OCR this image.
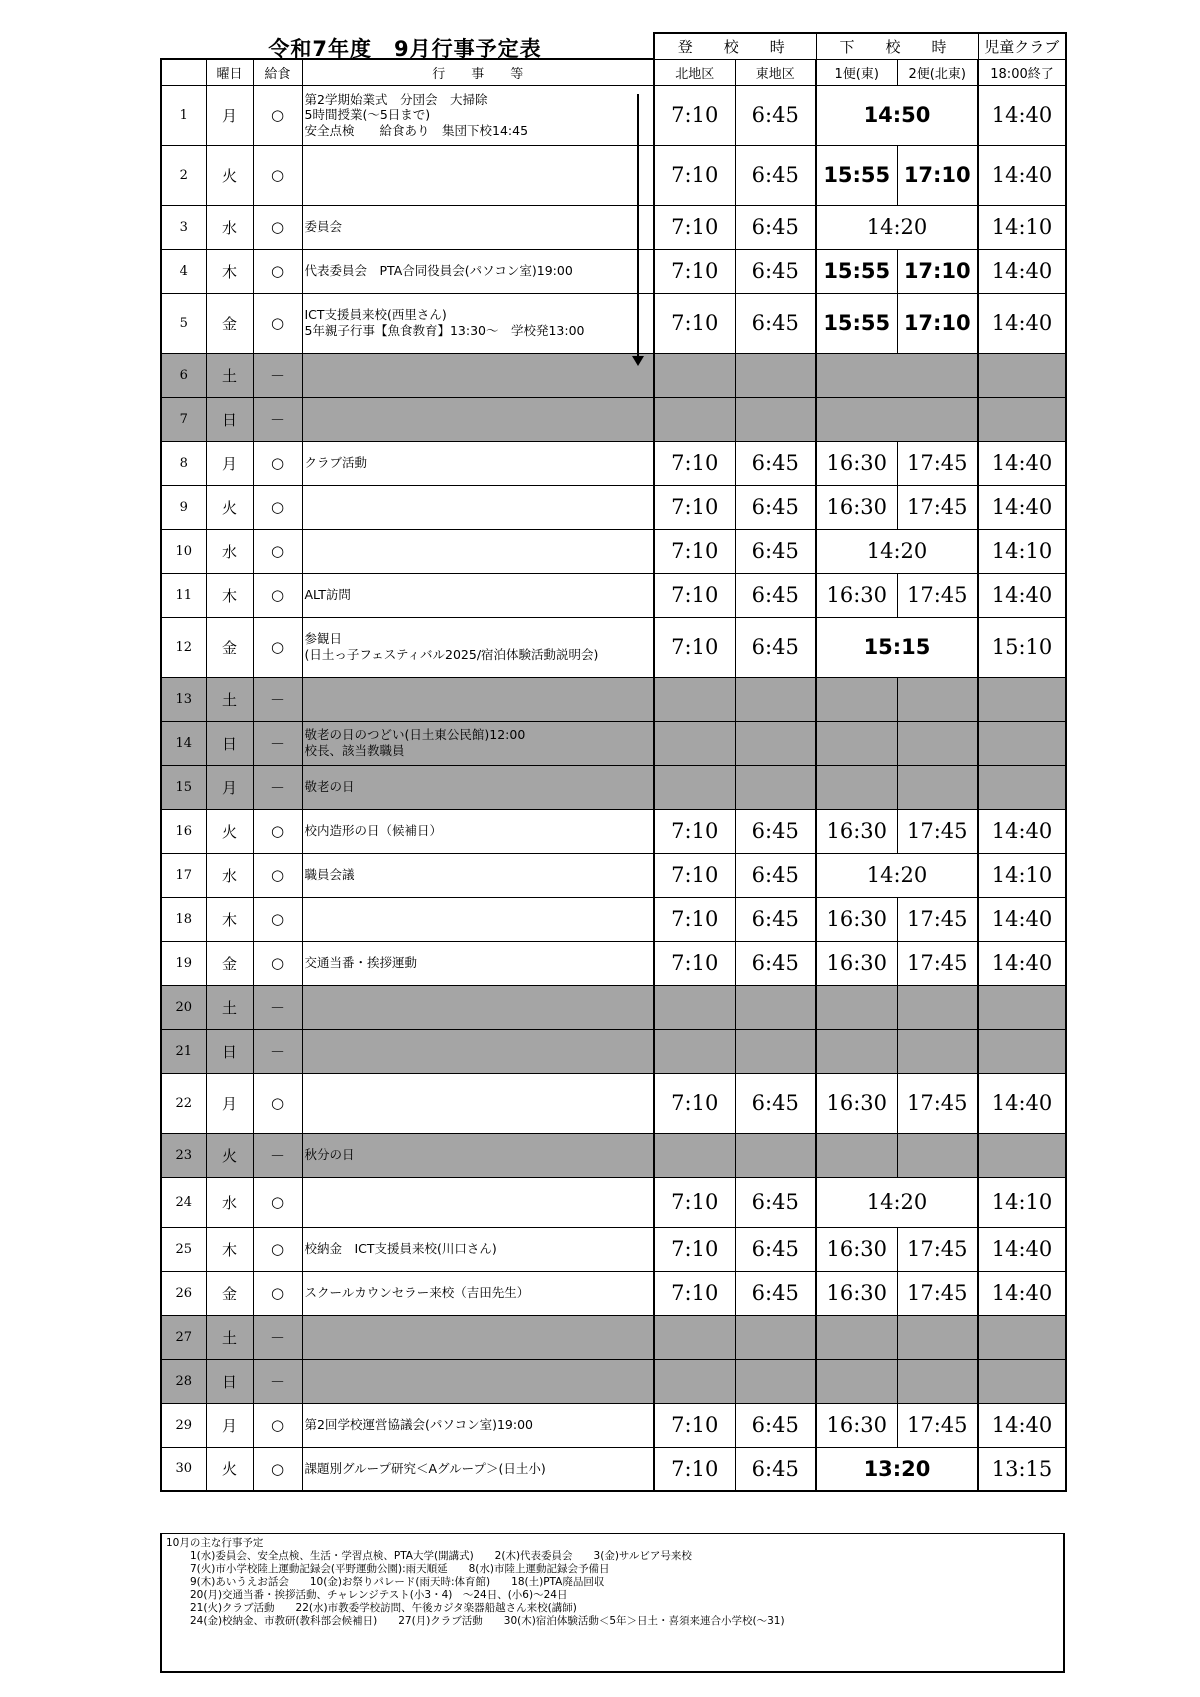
令和7年度　9月行事予定表
				登　校　時		下　校　時		児童クラブ
	曜日	給食	行　　事　　等	北地区	東地区	1便(東)	2便(北東)	18:00終了
1	月	○	第2学期始業式　分団会　大掃除
5時間授業(～5日まで)
安全点検　　給食あり　集団下校14:45	7:10	6:45	14:50		14:40
2	火	○		7:10	6:45	15:55	17:10	14:40
3	水	○	委員会	7:10	6:45	14:20		14:10
4	木	○	代表委員会　PTA合同役員会(パソコン室)19:00	7:10	6:45	15:55	17:10	14:40
5	金	○	ICT支援員来校(西里さん)
5年親子行事【魚食教育】13:30～　学校発13:00	7:10	6:45	15:55	17:10	14:40
6	土	－						
7	日	－						
8	月	○	クラブ活動	7:10	6:45	16:30	17:45	14:40
9	火	○		7:10	6:45	16:30	17:45	14:40
10	水	○		7:10	6:45	14:20		14:10
11	木	○	ALT訪問	7:10	6:45	16:30	17:45	14:40
12	金	○	参観日
(日土っ子フェスティバル2025/宿泊体験活動説明会)	7:10	6:45	15:15		15:10
13	土	－						
14	日	－	敬老の日のつどい(日土東公民館)12:00
校長、該当教職員					
15	月	－	敬老の日					
16	火	○	校内造形の日（候補日）	7:10	6:45	16:30	17:45	14:40
17	水	○	職員会議	7:10	6:45	14:20		14:10
18	木	○		7:10	6:45	16:30	17:45	14:40
19	金	○	交通当番・挨拶運動	7:10	6:45	16:30	17:45	14:40
20	土	－						
21	日	－						
22	月	○		7:10	6:45	16:30	17:45	14:40
23	火	－	秋分の日					
24	水	○		7:10	6:45	14:20		14:10
25	木	○	校納金　ICT支援員来校(川口さん)	7:10	6:45	16:30	17:45	14:40
26	金	○	スクールカウンセラー来校（吉田先生）	7:10	6:45	16:30	17:45	14:40
27	土	－						
28	日	－						
29	月	○	第2回学校運営協議会(パソコン室)19:00	7:10	6:45	16:30	17:45	14:40
30	火	○	課題別グループ研究＜Aグループ＞(日土小)	7:10	6:45	13:20		13:15
10月の主な行事予定
1(水)委員会、安全点検、生活・学習点検、PTA大学(開講式)　　2(木)代表委員会　　3(金)サルビア号来校
7(火)市小学校陸上運動記録会(平野運動公園):雨天順延　　8(水)市陸上運動記録会予備日
9(木)あいうえお話会　　10(金)お祭りパレード(雨天時:体育館)　　18(土)PTA廃品回収
20(月)交通当番・挨拶活動、チャレンジテスト(小3・4)　～24日、(小6)～24日
21(火)クラブ活動　　22(水)市教委学校訪問、午後カジタ楽器船越さん来校(講師)
24(金)校納金、市教研(教科部会候補日)　　27(月)クラブ活動　　30(木)宿泊体験活動＜5年＞日土・喜須来連合小学校(～31)
